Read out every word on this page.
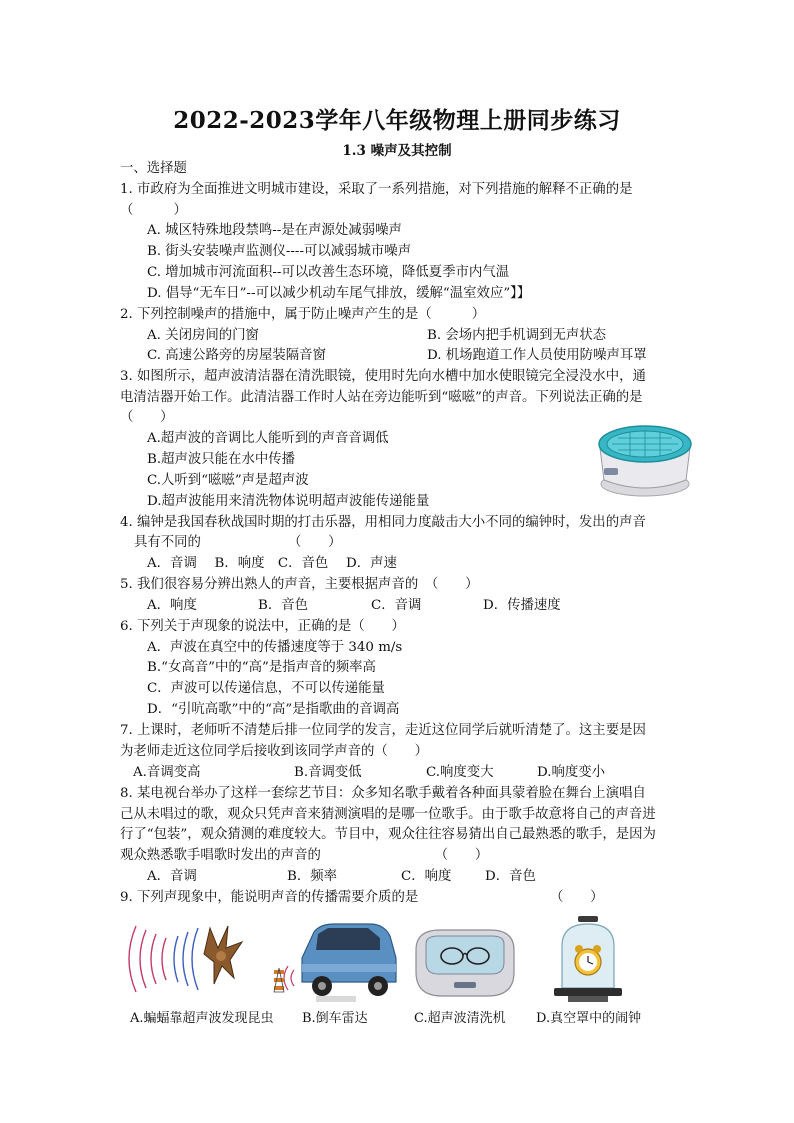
2022-2023学年八年级物理上册同步练习
1.3 噪声及其控制
一、选择题
1. 市政府为全面推进文明城市建设，采取了一系列措施，对下列措施的解释不正确的是
（　　　）
A. 城区特殊地段禁鸣--是在声源处减弱噪声
B. 街头安装噪声监测仪----可以减弱城市噪声
C. 增加城市河流面积--可以改善生态环境，降低夏季市内气温
D. 倡导“无车日”--可以减少机动车尾气排放，缓解“温室效应”】】
2. 下列控制噪声的措施中，属于防止噪声产生的是（　　　）
A. 关闭房间的门窗	B. 会场内把手机调到无声状态
C. 高速公路旁的房屋装隔音窗	D. 机场跑道工作人员使用防噪声耳罩
3. 如图所示，超声波清洁器在清洗眼镜，使用时先向水槽中加水使眼镜完全浸没水中，通
电清洁器开始工作。此清洁器工作时人站在旁边能听到“嗞嗞”的声音。下列说法正确的是
（　　）
A.超声波的音调比人能听到的声音音调低
B.超声波只能在水中传播
C.人听到“嗞嗞”声是超声波
D.超声波能用来清洗物体说明超声波能传递能量
4. 编钟是我国春秋战国时期的打击乐器，用相同力度敲击大小不同的编钟时，发出的声音
具有不同的　　　　　　　（　　）
A．音调　 B．响度　C．音色　 D．声速
5. 我们很容易分辨出熟人的声音，主要根据声音的　（　　）
A．响度	B．音色	C．音调	D．传播速度
6. 下列关于声现象的说法中，正确的是（　　）
A．声波在真空中的传播速度等于 340 m/s
B.“女高音”中的“高”是指声音的频率高
C．声波可以传递信息，不可以传递能量
D．“引吭高歌”中的“高”是指歌曲的音调高
7. 上课时，老师听不清楚后排一位同学的发言，走近这位同学后就听清楚了。这主要是因
为老师走近这位同学后接收到该同学声音的（　　）
A.音调变高	B.音调变低	C.响度变大	D.响度变小
8. 某电视台举办了这样一套综艺节目：众多知名歌手戴着各种面具蒙着脸在舞台上演唱自
己从未唱过的歌，观众只凭声音来猜测演唱的是哪一位歌手。由于歌手故意将自己的声音进
行了“包装”，观众猜测的难度较大。节目中，观众往往容易猜出自己最熟悉的歌手，是因为
观众熟悉歌手唱歌时发出的声音的　　　　　　　　　（　　）
A．音调	B．频率	C．响度	D．音色
9. 下列声现象中，能说明声音的传播需要介质的是	（　　）
A.蝙蝠靠超声波发现昆虫 B.倒车雷达	C.超声波清洗机 D.真空罩中的闹钟
